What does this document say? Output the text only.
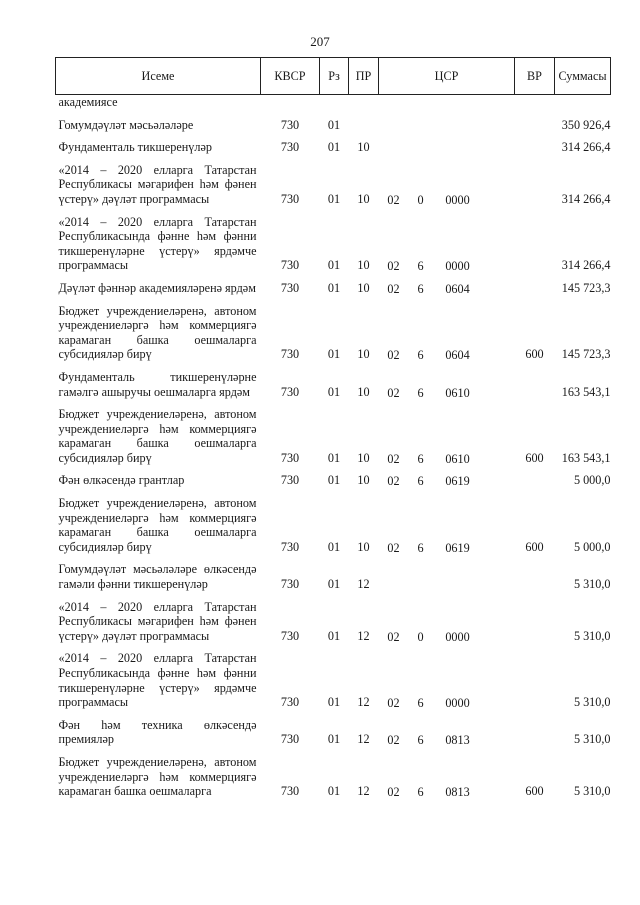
207
Исеме	КВСР	Рз	ПР	ЦСР	ВР	Суммасы
академиясе				

Гомумдәүләт мәсьәләләре	730	01				350 926,4
Фундаменталь тикшеренүләр	730	01	10			314 266,4
«2014 – 2020 елларга Татарстан Республикасы мәгарифен һәм фәнен үстерү» дәүләт программасы	730	01	10	02 0 0000		314 266,4
«2014 – 2020 елларга Татарстан Республикасында фәнне һәм фәнни тикшеренүләрне үстерү» ярдәмче программасы	730	01	10	02 6 0000		314 266,4
Дәүләт фәннәр академияләренә ярдәм	730	01	10	02 6 0604		145 723,3
Бюджет учреждениеләренә, автоном учреждениеләргә һәм коммерциягә карамаган башка оешмаларга субсидияләр бирү	730	01	10	02 6 0604	600	145 723,3
Фундаменталь тикшеренүләрне гамәлгә ашыручы оешмаларга ярдәм	730	01	10	02 6 0610		163 543,1
Бюджет учреждениеләренә, автоном учреждениеләргә һәм коммерциягә карамаган башка оешмаларга субсидияләр бирү	730	01	10	02 6 0610	600	163 543,1
Фән өлкәсендә грантлар	730	01	10	02 6 0619		5 000,0
Бюджет учреждениеләренә, автоном учреждениеләргә һәм коммерциягә карамаган башка оешмаларга субсидияләр бирү	730	01	10	02 6 0619	600	5 000,0
Гомумдәүләт мәсьәләләре өлкәсендә гамәли фәнни тикшеренүләр	730	01	12			5 310,0
«2014 – 2020 елларга Татарстан Республикасы мәгарифен һәм фәнен үстерү» дәүләт программасы	730	01	12	02 0 0000		5 310,0
«2014 – 2020 елларга Татарстан Республикасында фәнне һәм фәнни тикшеренүләрне үстерү» ярдәмче программасы	730	01	12	02 6 0000		5 310,0
Фән һәм техника өлкәсендә премияләр	730	01	12	02 6 0813		5 310,0
Бюджет учреждениеләренә, автоном учреждениеләргә һәм коммерциягә карамаган башка оешмаларга	730	01	12	02 6 0813	600	5 310,0
